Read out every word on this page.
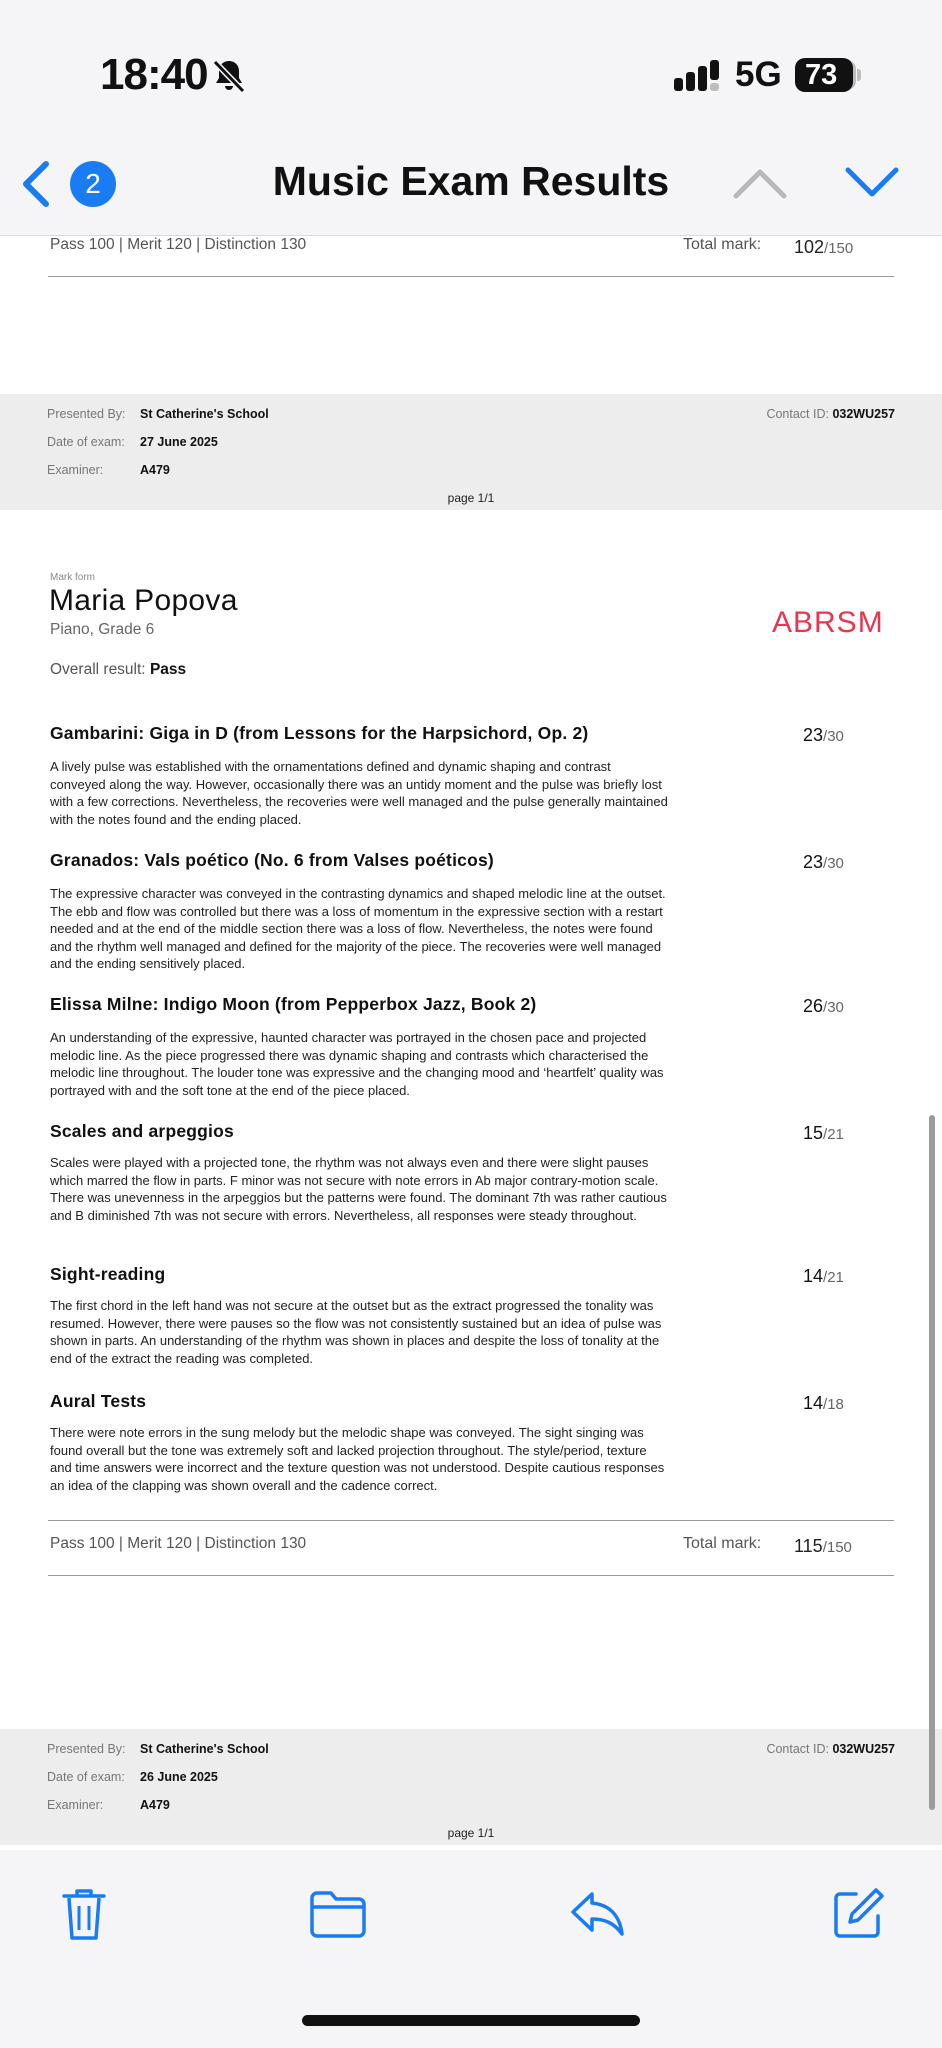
18:40	5G 73
Music Exam Results
2
Pass 100 | Merit 120 | Distinction 130	Total mark: 102/150
Presented By: St Catherine's School
Date of exam: 27 June 2025
Examiner:	A479
Contact ID: 032WU257
page 1/1
Mark form
Maria Popova
Piano, Grade 6	ABRSM
Overall result: Pass
Gambarini: Giga in D (from Lessons for the Harpsichord, Op. 2)	23/30
A lively pulse was established with the ornamentations defined and dynamic shaping and contrast conveyed along the way. However, occasionally there was an untidy moment and the pulse was briefly lost with a few corrections. Nevertheless, the recoveries were well managed and the pulse generally maintained with the notes found and the ending placed.
Granados: Vals poético (No. 6 from Valses poéticos)	23/30
The expressive character was conveyed in the contrasting dynamics and shaped melodic line at the outset. The ebb and flow was controlled but there was a loss of momentum in the expressive section with a restart needed and at the end of the middle section there was a loss of flow. Nevertheless, the notes were found and the rhythm well managed and defined for the majority of the piece. The recoveries were well managed and the ending sensitively placed.
Elissa Milne: Indigo Moon (from Pepperbox Jazz, Book 2)	26/30
An understanding of the expressive, haunted character was portrayed in the chosen pace and projected melodic line. As the piece progressed there was dynamic shaping and contrasts which characterised the melodic line throughout. The louder tone was expressive and the changing mood and ‘heartfelt’ quality was portrayed with and the soft tone at the end of the piece placed.
Scales and arpeggios	15/21
Scales were played with a projected tone, the rhythm was not always even and there were slight pauses which marred the flow in parts. F minor was not secure with note errors in Ab major contrary-motion scale. There was unevenness in the arpeggios but the patterns were found. The dominant 7th was rather cautious and B diminished 7th was not secure with errors. Nevertheless, all responses were steady throughout.
Sight-reading	14/21
The first chord in the left hand was not secure at the outset but as the extract progressed the tonality was resumed. However, there were pauses so the flow was not consistently sustained but an idea of pulse was shown in parts. An understanding of the rhythm was shown in places and despite the loss of tonality at the end of the extract the reading was completed.
Aural Tests	14/18
There were note errors in the sung melody but the melodic shape was conveyed. The sight singing was found overall but the tone was extremely soft and lacked projection throughout. The style/period, texture and time answers were incorrect and the texture question was not understood. Despite cautious responses an idea of the clapping was shown overall and the cadence correct.
Pass 100 | Merit 120 | Distinction 130	Total mark: 115/150
Presented By: St Catherine's School
Date of exam: 26 June 2025
Examiner:	A479
Contact ID: 032WU257
page 1/1
